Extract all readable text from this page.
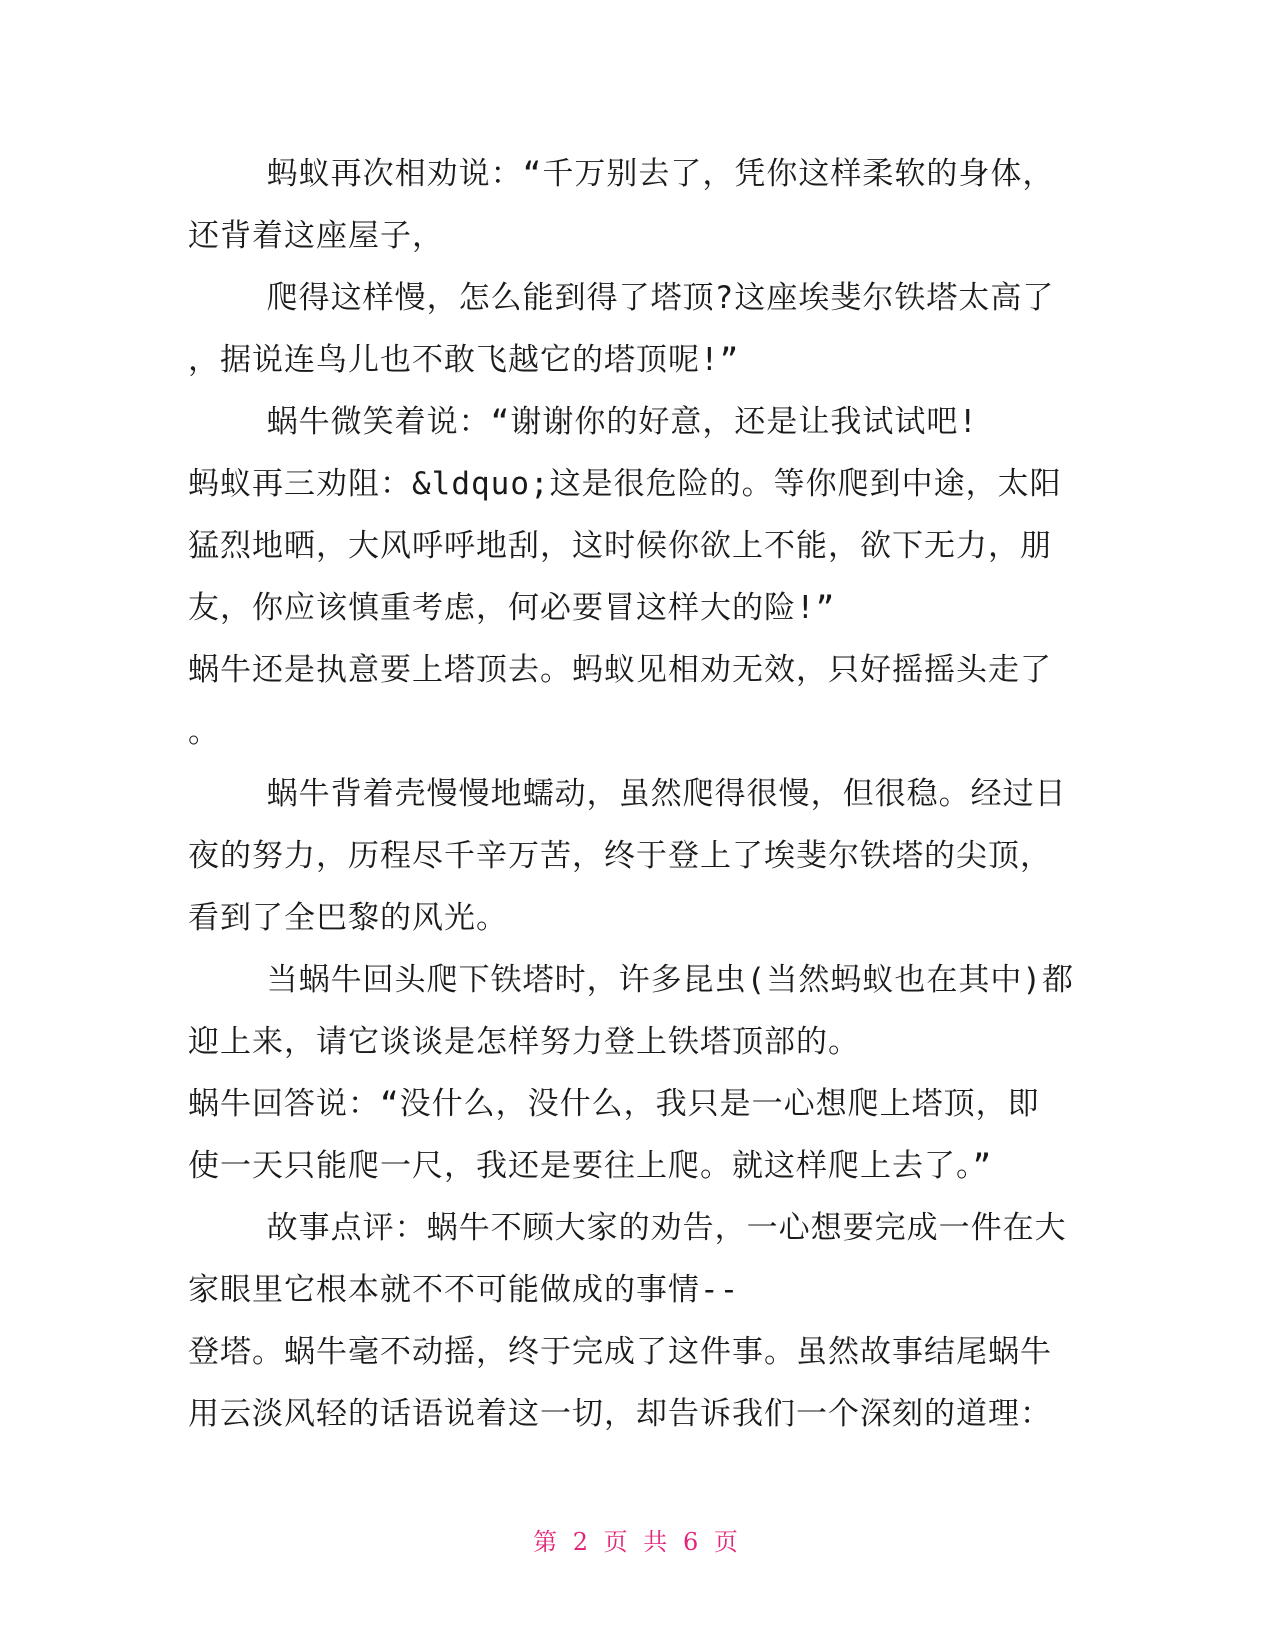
蚂蚁再次相劝说：“千万别去了，凭你这样柔软的身体，
还背着这座屋子，
爬得这样慢，怎么能到得了塔顶?这座埃斐尔铁塔太高了
，据说连鸟儿也不敢飞越它的塔顶呢!”
蜗牛微笑着说：“谢谢你的好意，还是让我试试吧!
蚂蚁再三劝阻：&ldquo;这是很危险的。等你爬到中途，太阳
猛烈地晒，大风呼呼地刮，这时候你欲上不能，欲下无力，朋
友，你应该慎重考虑，何必要冒这样大的险!”
蜗牛还是执意要上塔顶去。蚂蚁见相劝无效，只好摇摇头走了
。
蜗牛背着壳慢慢地蠕动，虽然爬得很慢，但很稳。经过日
夜的努力，历程尽千辛万苦，终于登上了埃斐尔铁塔的尖顶，
看到了全巴黎的风光。
当蜗牛回头爬下铁塔时，许多昆虫(当然蚂蚁也在其中)都
迎上来，请它谈谈是怎样努力登上铁塔顶部的。
蜗牛回答说：“没什么，没什么，我只是一心想爬上塔顶，即
使一天只能爬一尺，我还是要往上爬。就这样爬上去了。”
故事点评：蜗牛不顾大家的劝告，一心想要完成一件在大
家眼里它根本就不不可能做成的事情--
登塔。蜗牛毫不动摇，终于完成了这件事。虽然故事结尾蜗牛
用云淡风轻的话语说着这一切，却告诉我们一个深刻的道理：
第 2 页 共 6 页
